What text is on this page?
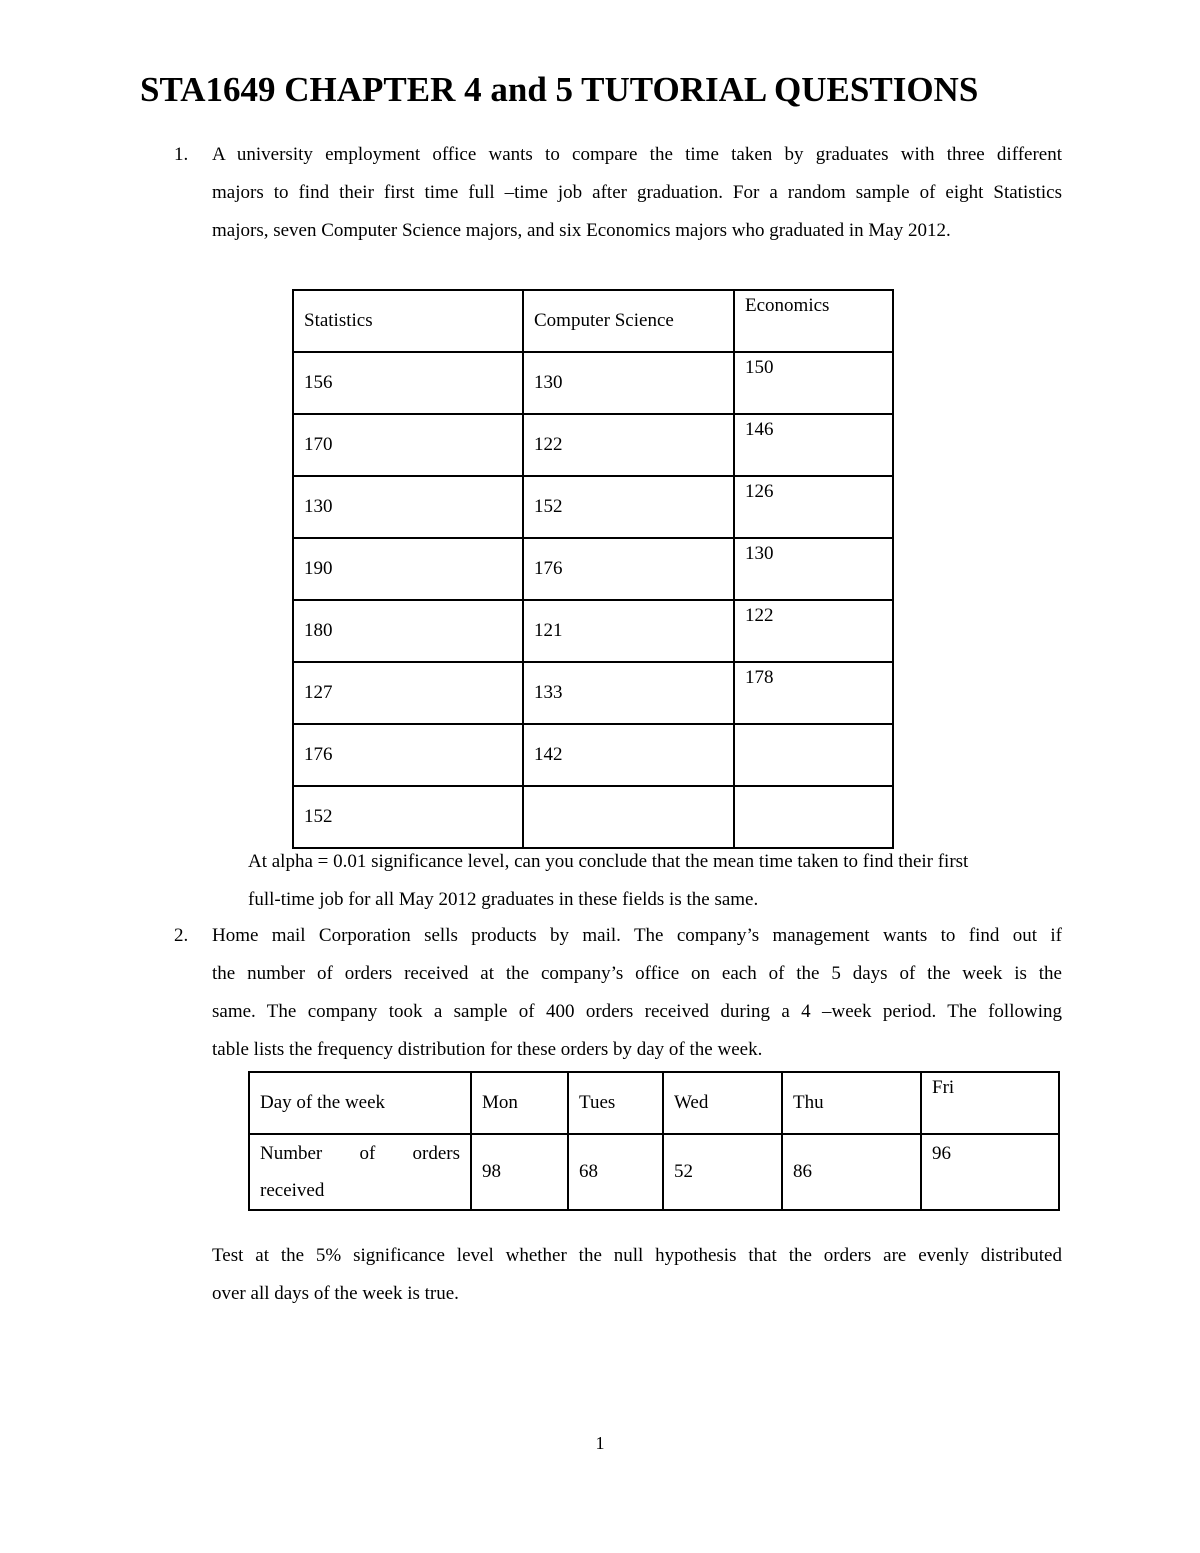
STA1649 CHAPTER 4 and 5 TUTORIAL QUESTIONS
1. A university employment office wants to compare the time taken by graduates with three different
majors to find their first time full –time job after graduation. For a random sample of eight Statistics
majors, seven Computer Science majors, and six Economics majors who graduated in May 2012.
Statistics	Computer Science	Economics
156	130	150
170	122	146
130	152	126
190	176	130
180	121	122
127	133	178
176	142	
152		
At alpha = 0.01 significance level, can you conclude that the mean time taken to find their first
full-time job for all May 2012 graduates in these fields is the same.
2. Home mail Corporation sells products by mail. The company’s management wants to find out if
the number of orders received at the company’s office on each of the 5 days of the week is the
same. The company took a sample of 400 orders received during a 4 –week period. The following
table lists the frequency distribution for these orders by day of the week.
Day of the week	Mon	Tues	Wed	Thu	Fri

Number of orders
received	98	68	52	86	96
Test at the 5% significance level whether the null hypothesis that the orders are evenly distributed
over all days of the week is true.
1
